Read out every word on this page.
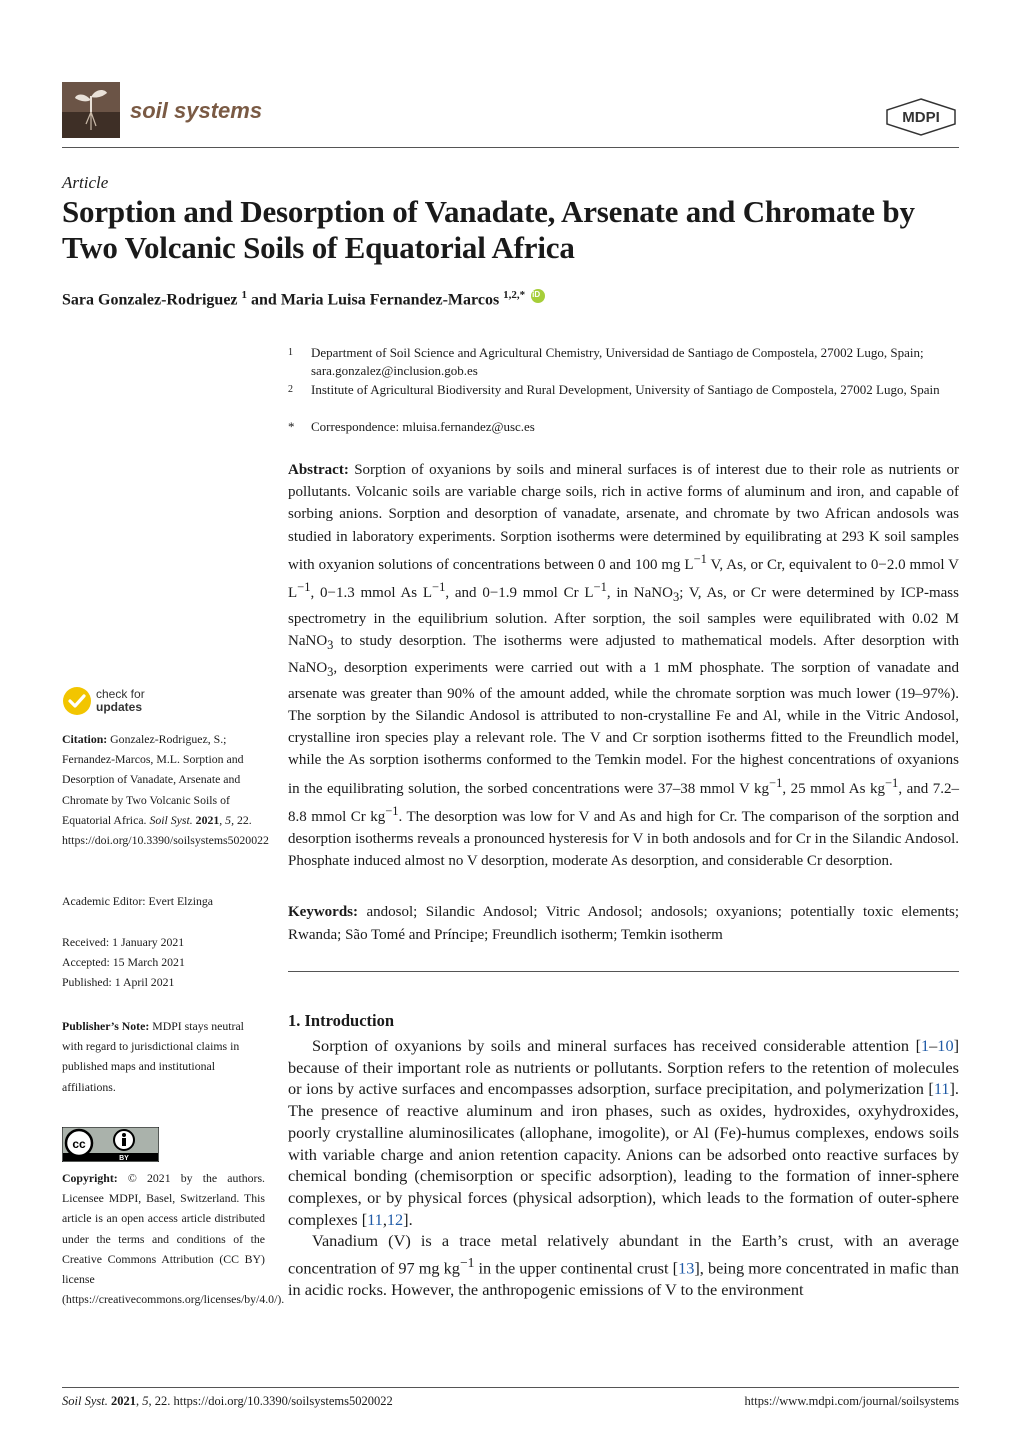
soil systems	MDPI
Article
Sorption and Desorption of Vanadate, Arsenate and Chromate by Two Volcanic Soils of Equatorial Africa
Sara Gonzalez-Rodriguez $^1$ and Maria Luisa Fernandez-Marcos $^{1,2,*}$ iD
1 Department of Soil Science and Agricultural Chemistry, Universidad de Santiago de Compostela, 27002 Lugo, Spain; sara.gonzalez@inclusion.gob.es
2 Institute of Agricultural Biodiversity and Rural Development, University of Santiago de Compostela, 27002 Lugo, Spain
* Correspondence: mluisa.fernandez@usc.es
Abstract: Sorption of oxyanions by soils and mineral surfaces is of interest due to their role as nutrients or pollutants. Volcanic soils are variable charge soils, rich in active forms of aluminum and iron, and capable of sorbing anions. Sorption and desorption of vanadate, arsenate, and chromate by two African andosols was studied in laboratory experiments. Sorption isotherms were determined by equilibrating at 293 K soil samples with oxyanion solutions of concentrations between 0 and 100 mg $L^{-1}$ V, As, or Cr, equivalent to 0−2.0 mmol V $L^{-1}$, 0−1.3 mmol As $L^{-1}$, and 0−1.9 mmol Cr $L^{-1}$, in NaNO$_3$; V, As, or Cr were determined by ICP-mass spectrometry in the equilibrium solution. After sorption, the soil samples were equilibrated with 0.02 M NaNO$_3$ to study desorption. The isotherms were adjusted to mathematical models. After desorption with NaNO$_3$, desorption experiments were carried out with a 1 mM phosphate. The sorption of vanadate and arsenate was greater than 90% of the amount added, while the chromate sorption was much lower (19–97%). The sorption by the Silandic Andosol is attributed to non-crystalline Fe and Al, while in the Vitric Andosol, crystalline iron species play a relevant role. The V and Cr sorption isotherms fitted to the Freundlich model, while the As sorption isotherms conformed to the Temkin model. For the highest concentrations of oxyanions in the equilibrating solution, the sorbed concentrations were 37–38 mmol V $kg^{-1}$, 25 mmol As $kg^{-1}$, and 7.2–8.8 mmol Cr $kg^{-1}$. The desorption was low for V and As and high for Cr. The comparison of the sorption and desorption isotherms reveals a pronounced hysteresis for V in both andosols and for Cr in the Silandic Andosol. Phosphate induced almost no V desorption, moderate As desorption, and considerable Cr desorption.
Keywords: andosol; Silandic Andosol; Vitric Andosol; andosols; oxyanions; potentially toxic elements; Rwanda; São Tomé and Príncipe; Freundlich isotherm; Temkin isotherm
1. Introduction

Sorption of oxyanions by soils and mineral surfaces has received considerable attention [1–10] because of their important role as nutrients or pollutants. Sorption refers to the retention of molecules or ions by active surfaces and encompasses adsorption, surface precipitation, and polymerization [11]. The presence of reactive aluminum and iron phases, such as oxides, hydroxides, oxyhydroxides, poorly crystalline aluminosilicates (allophane, imogolite), or Al (Fe)-humus complexes, endows soils with variable charge and anion retention capacity. Anions can be adsorbed onto reactive surfaces by chemical bonding (chemisorption or specific adsorption), leading to the formation of inner-sphere complexes, or by physical forces (physical adsorption), which leads to the formation of outer-sphere complexes [11,12].

Vanadium (V) is a trace metal relatively abundant in the Earth’s crust, with an average concentration of 97 mg $kg^{-1}$ in the upper continental crust [13], being more concentrated in mafic than in acidic rocks. However, the anthropogenic emissions of V to the environment

check for
updates
Citation: Gonzalez-Rodriguez, S.; Fernandez-Marcos, M.L. Sorption and Desorption of Vanadate, Arsenate and Chromate by Two Volcanic Soils of Equatorial Africa. Soil Syst. 2021, 5, 22. https://doi.org/10.3390/soilsystems5020022
Academic Editor: Evert Elzinga
Received: 1 January 2021
Accepted: 15 March 2021
Published: 1 April 2021
Publisher’s Note: MDPI stays neutral with regard to jurisdictional claims in published maps and institutional affiliations.
cc
BY
Copyright: © 2021 by the authors. Licensee MDPI, Basel, Switzerland. This article is an open access article distributed under the terms and conditions of the Creative Commons Attribution (CC BY) license (https://creativecommons.org/licenses/by/4.0/).
Soil Syst. 2021, 5, 22. https://doi.org/10.3390/soilsystems5020022	https://www.mdpi.com/journal/soilsystems
